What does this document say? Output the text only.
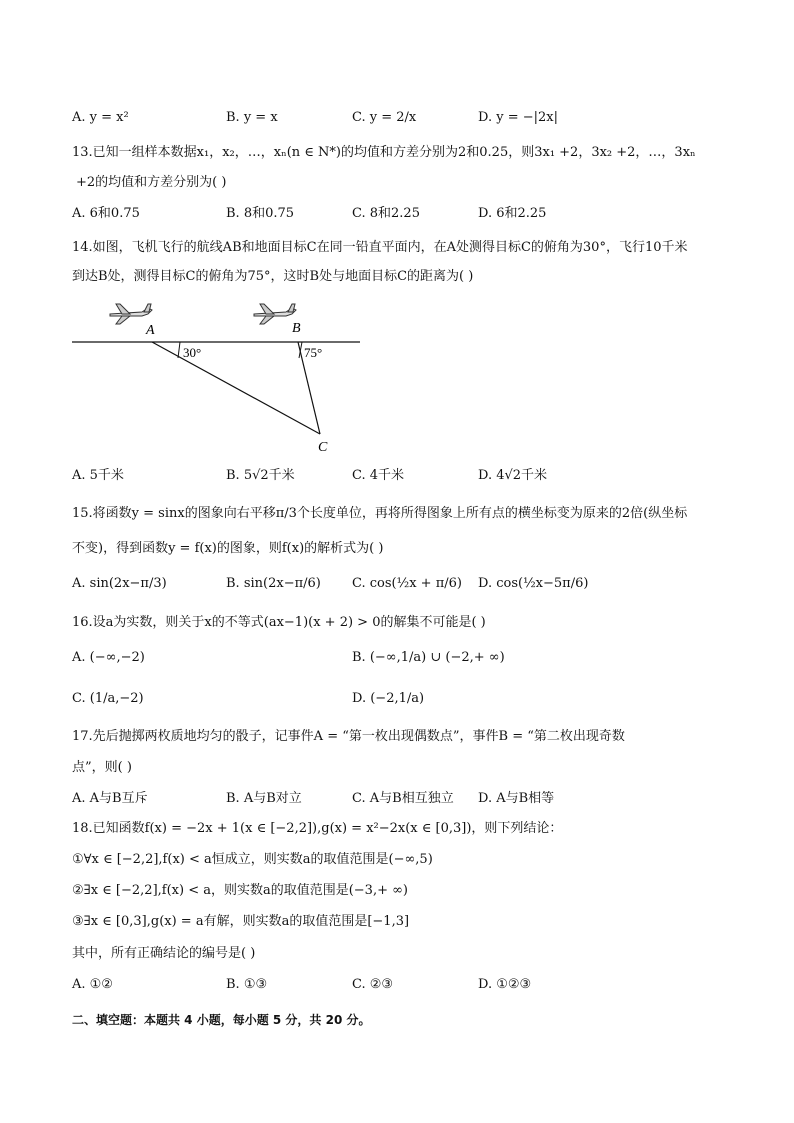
A. y = x²	B. y = x	C. y = 2/x	D. y = −|2x|
13.已知一组样本数据x₁，x₂，…，xₙ(n ∈ N*)的均值和方差分别为2和0.25，则3x₁ +2，3x₂ +2，…，3xₙ
+2的均值和方差分别为( )
A. 6和0.75	B. 8和0.75	C. 8和2.25	D. 6和2.25
14.如图，飞机飞行的航线AB和地面目标C在同一铅直平面内，在A处测得目标C的俯角为30°，飞行10千米
到达B处，测得目标C的俯角为75°，这时B处与地面目标C的距离为( )
A	B
C
30°	75°
A. 5千米	B. 5√2千米	C. 4千米	D. 4√2千米
15.将函数y = sinx的图象向右平移π/3个长度单位，再将所得图象上所有点的横坐标变为原来的2倍(纵坐标
不变)，得到函数y = f(x)的图象，则f(x)的解析式为( )
A. sin(2x−π/3)	B. sin(2x−π/6) C. cos(½x + π/6) D. cos(½x−5π/6)
16.设a为实数，则关于x的不等式(ax−1)(x + 2) > 0的解集不可能是( )
A. (−∞,−2)	B. (−∞,1/a) ∪ (−2,+ ∞)
C. (1/a,−2)	D. (−2,1/a)
17.先后抛掷两枚质地均匀的骰子，记事件A = “第一枚出现偶数点”，事件B = “第二枚出现奇数
点”，则( )
A. A与B互斥	B. A与B对立	C. A与B相互独立 D. A与B相等
18.已知函数f(x) = −2x + 1(x ∈ [−2,2]),g(x) = x²−2x(x ∈ [0,3])，则下列结论：
①∀x ∈ [−2,2],f(x) < a恒成立，则实数a的取值范围是(−∞,5)
②∃x ∈ [−2,2],f(x) < a，则实数a的取值范围是(−3,+ ∞)
③∃x ∈ [0,3],g(x) = a有解，则实数a的取值范围是[−1,3]
其中，所有正确结论的编号是( )
A. ①②	B. ①③	C. ②③	D. ①②③
二、填空题：本题共 4 小题，每小题 5 分，共 20 分。
